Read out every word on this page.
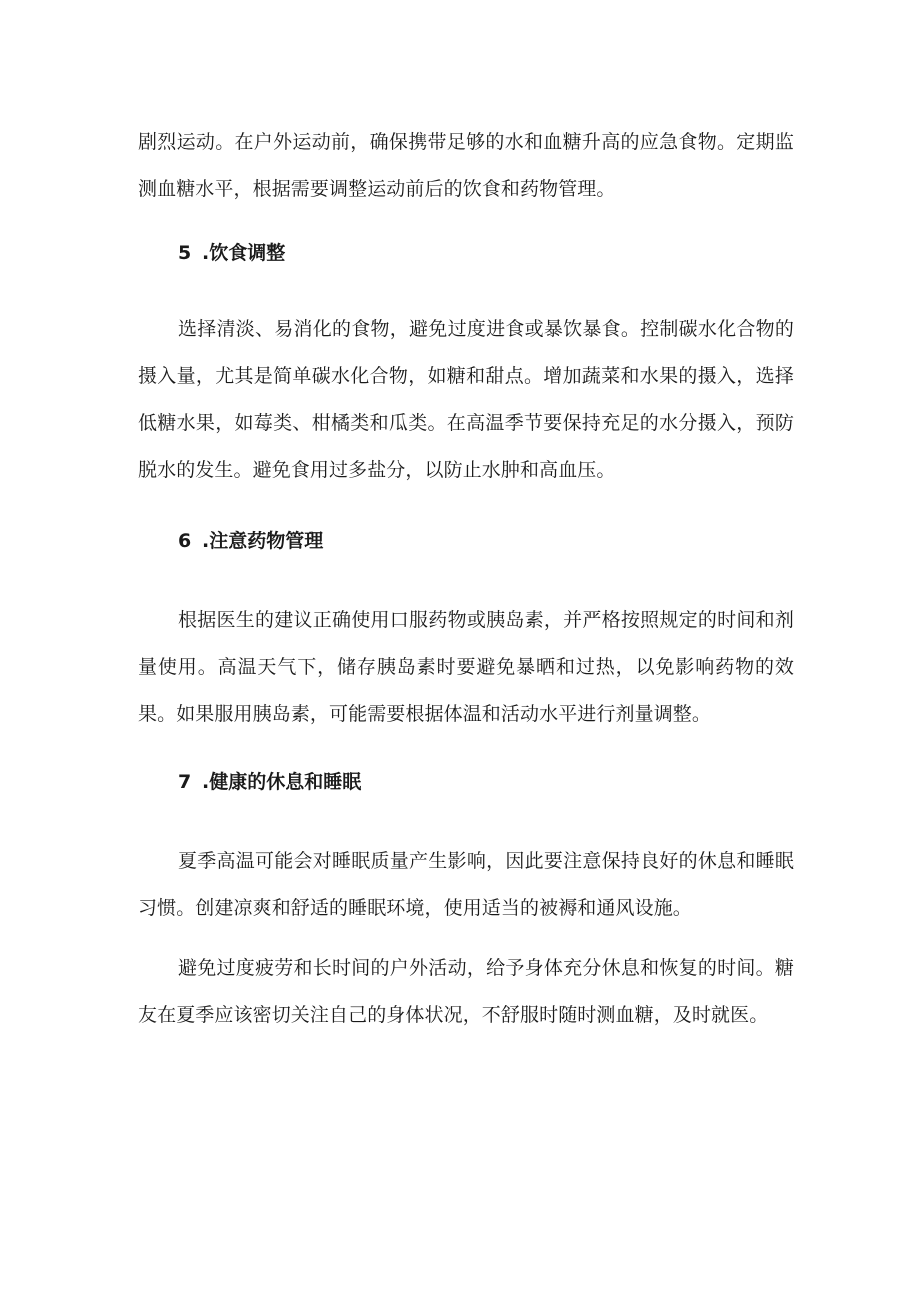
剧烈运动。在户外运动前，确保携带足够的水和血糖升高的应急食物。定期监测血糖水平，根据需要调整运动前后的饮食和药物管理。

5 .饮食调整

选择清淡、易消化的食物，避免过度进食或暴饮暴食。控制碳水化合物的摄入量，尤其是简单碳水化合物，如糖和甜点。增加蔬菜和水果的摄入，选择低糖水果，如莓类、柑橘类和瓜类。在高温季节要保持充足的水分摄入，预防脱水的发生。避免食用过多盐分，以防止水肿和高血压。

6 .注意药物管理

根据医生的建议正确使用口服药物或胰岛素，并严格按照规定的时间和剂量使用。高温天气下，储存胰岛素时要避免暴晒和过热，以免影响药物的效果。如果服用胰岛素，可能需要根据体温和活动水平进行剂量调整。

7 .健康的休息和睡眠

夏季高温可能会对睡眠质量产生影响，因此要注意保持良好的休息和睡眠习惯。创建凉爽和舒适的睡眠环境，使用适当的被褥和通风设施。

避免过度疲劳和长时间的户外活动，给予身体充分休息和恢复的时间。糖友在夏季应该密切关注自己的身体状况，不舒服时随时测血糖，及时就医。
